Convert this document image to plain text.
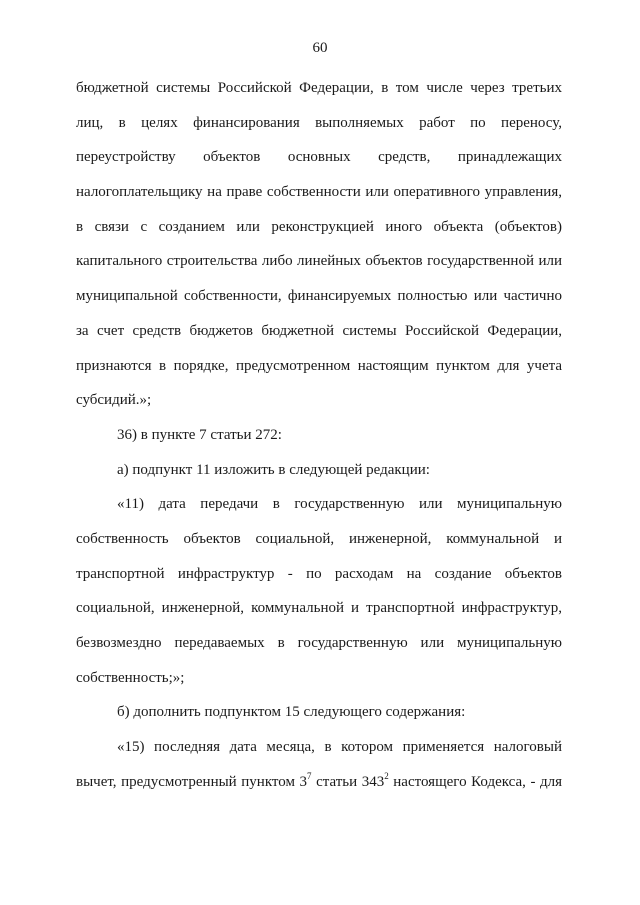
60
бюджетной системы Российской Федерации, в том числе через третьих
лиц, в целях финансирования выполняемых работ по переносу,
переустройству объектов основных средств, принадлежащих
налогоплательщику на праве собственности или оперативного управления,
в связи с созданием или реконструкцией иного объекта (объектов)
капитального строительства либо линейных объектов государственной или
муниципальной собственности, финансируемых полностью или частично
за счет средств бюджетов бюджетной системы Российской Федерации,
признаются в порядке, предусмотренном настоящим пунктом для учета
субсидий.»;
36) в пункте 7 статьи 272:
а) подпункт 11 изложить в следующей редакции:
«11) дата передачи в государственную или муниципальную
собственность объектов социальной, инженерной, коммунальной и
транспортной инфраструктур - по расходам на создание объектов
социальной, инженерной, коммунальной и транспортной инфраструктур,
безвозмездно передаваемых в государственную или муниципальную
собственность;»;
б) дополнить подпунктом 15 следующего содержания:
«15) последняя дата месяца, в котором применяется налоговый
вычет, предусмотренный пунктом $3^7$ статьи $343^2$ настоящего Кодекса, - для
